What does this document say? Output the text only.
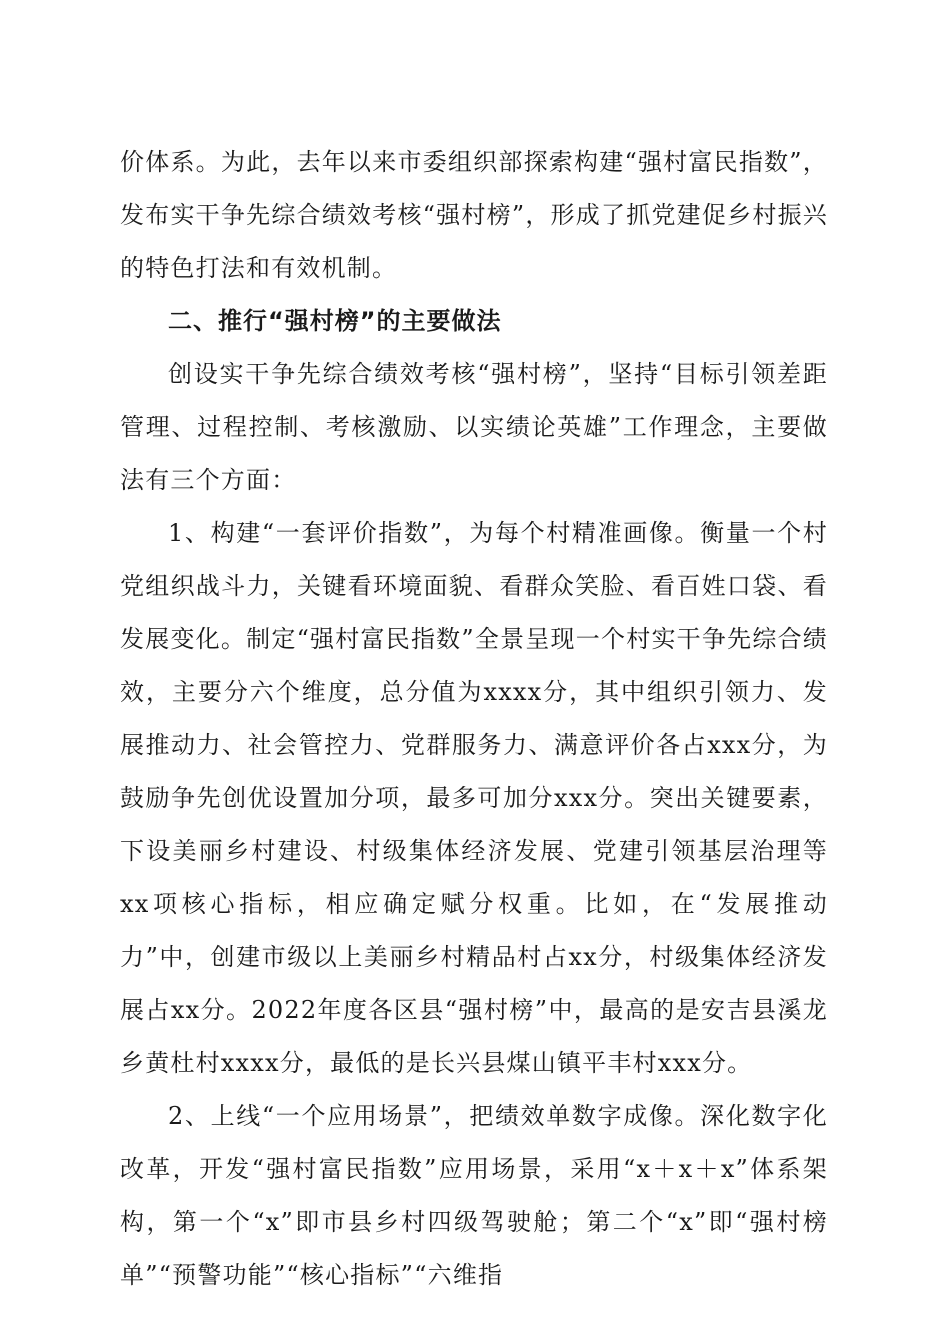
价体系。为此，去年以来市委组织部探索构建“强村富民指数”，发布实干争先综合绩效考核“强村榜”，形成了抓党建促乡村振兴的特色打法和有效机制。

二、推行“强村榜”的主要做法

创设实干争先综合绩效考核“强村榜”，坚持“目标引领差距管理、过程控制、考核激励、以实绩论英雄”工作理念，主要做法有三个方面：

1、构建“一套评价指数”，为每个村精准画像。衡量一个村党组织战斗力，关键看环境面貌、看群众笑脸、看百姓口袋、看发展变化。制定“强村富民指数”全景呈现一个村实干争先综合绩效，主要分六个维度，总分值为xxxx分，其中组织引领力、发展推动力、社会管控力、党群服务力、满意评价各占xxx分，为鼓励争先创优设置加分项，最多可加分xxx分。突出关键要素，下设美丽乡村建设、村级集体经济发展、党建引领基层治理等xx项核心指标，相应确定赋分权重。比如，在“发展推动力”中，创建市级以上美丽乡村精品村占xx分，村级集体经济发展占xx分。2022年度各区县“强村榜”中，最高的是安吉县溪龙乡黄杜村xxxx分，最低的是长兴县煤山镇平丰村xxx分。

2、上线“一个应用场景”，把绩效单数字成像。深化数字化改革，开发“强村富民指数”应用场景，采用“x＋x＋x”体系架构，第一个“x”即市县乡村四级驾驶舱；第二个“x”即“强村榜单”“预警功能”“核心指标”“六维指
